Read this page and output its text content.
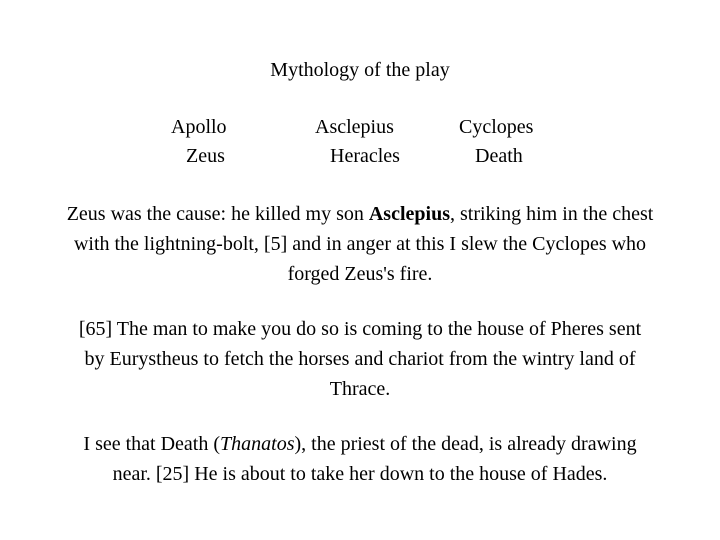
Mythology of the play
Apollo
Zeus
Asclepius
Heracles
Cyclopes
Death

Zeus was the cause: he killed my son Asclepius, striking him in the chest
with the lightning-bolt, [5] and in anger at this I slew the Cyclopes who
forged Zeus's fire.

[65] The man to make you do so is coming to the house of Pheres sent
by Eurystheus to fetch the horses and chariot from the wintry land of
Thrace.

I see that Death (Thanatos), the priest of the dead, is already drawing
near. [25] He is about to take her down to the house of Hades.
